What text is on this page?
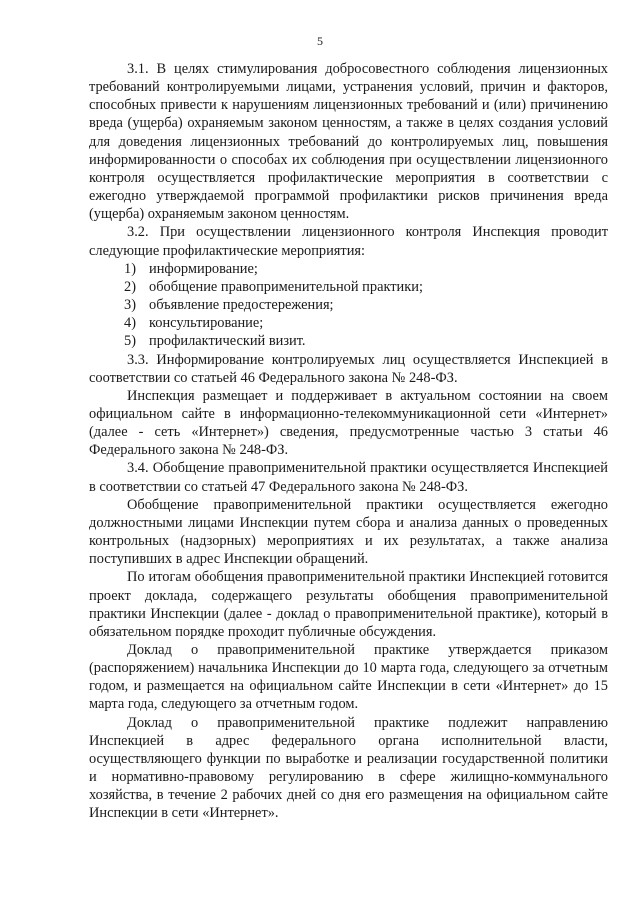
5

3.1. В целях стимулирования добросовестного соблюдения лицензионных требований контролируемыми лицами, устранения условий, причин и факторов, способных привести к нарушениям лицензионных требований и (или) причинению вреда (ущерба) охраняемым законом ценностям, а также в целях создания условий для доведения лицензионных требований до контролируемых лиц, повышения информированности о способах их соблюдения при осуществлении лицензионного контроля осуществляется профилактические мероприятия в соответствии с ежегодно утверждаемой программой профилактики рисков причинения вреда (ущерба) охраняемым законом ценностям.

3.2. При осуществлении лицензионного контроля Инспекция проводит следующие профилактические мероприятия:

1) информирование;
2) обобщение правоприменительной практики;
3) объявление предостережения;
4) консультирование;
5) профилактический визит.

3.3. Информирование контролируемых лиц осуществляется Инспекцией в соответствии со статьей 46 Федерального закона № 248-ФЗ.

Инспекция размещает и поддерживает в актуальном состоянии на своем официальном сайте в информационно-телекоммуникационной сети «Интернет» (далее - сеть «Интернет») сведения, предусмотренные частью 3 статьи 46 Федерального закона № 248-ФЗ.

3.4. Обобщение правоприменительной практики осуществляется Инспекцией в соответствии со статьей 47 Федерального закона № 248-ФЗ.

Обобщение правоприменительной практики осуществляется ежегодно должностными лицами Инспекции путем сбора и анализа данных о проведенных контрольных (надзорных) мероприятиях и их результатах, а также анализа поступивших в адрес Инспекции обращений.

По итогам обобщения правоприменительной практики Инспекцией готовится проект доклада, содержащего результаты обобщения правоприменительной практики Инспекции (далее - доклад о правоприменительной практике), который в обязательном порядке проходит публичные обсуждения.

Доклад о правоприменительной практике утверждается приказом (распоряжением) начальника Инспекции до 10 марта года, следующего за отчетным годом, и размещается на официальном сайте Инспекции в сети «Интернет» до 15 марта года, следующего за отчетным годом.

Доклад о правоприменительной практике подлежит направлению Инспекцией в адрес федерального органа исполнительной власти, осуществляющего функции по выработке и реализации государственной политики и нормативно-правовому регулированию в сфере жилищно-коммунального хозяйства, в течение 2 рабочих дней со дня его размещения на официальном сайте Инспекции в сети «Интернет».
